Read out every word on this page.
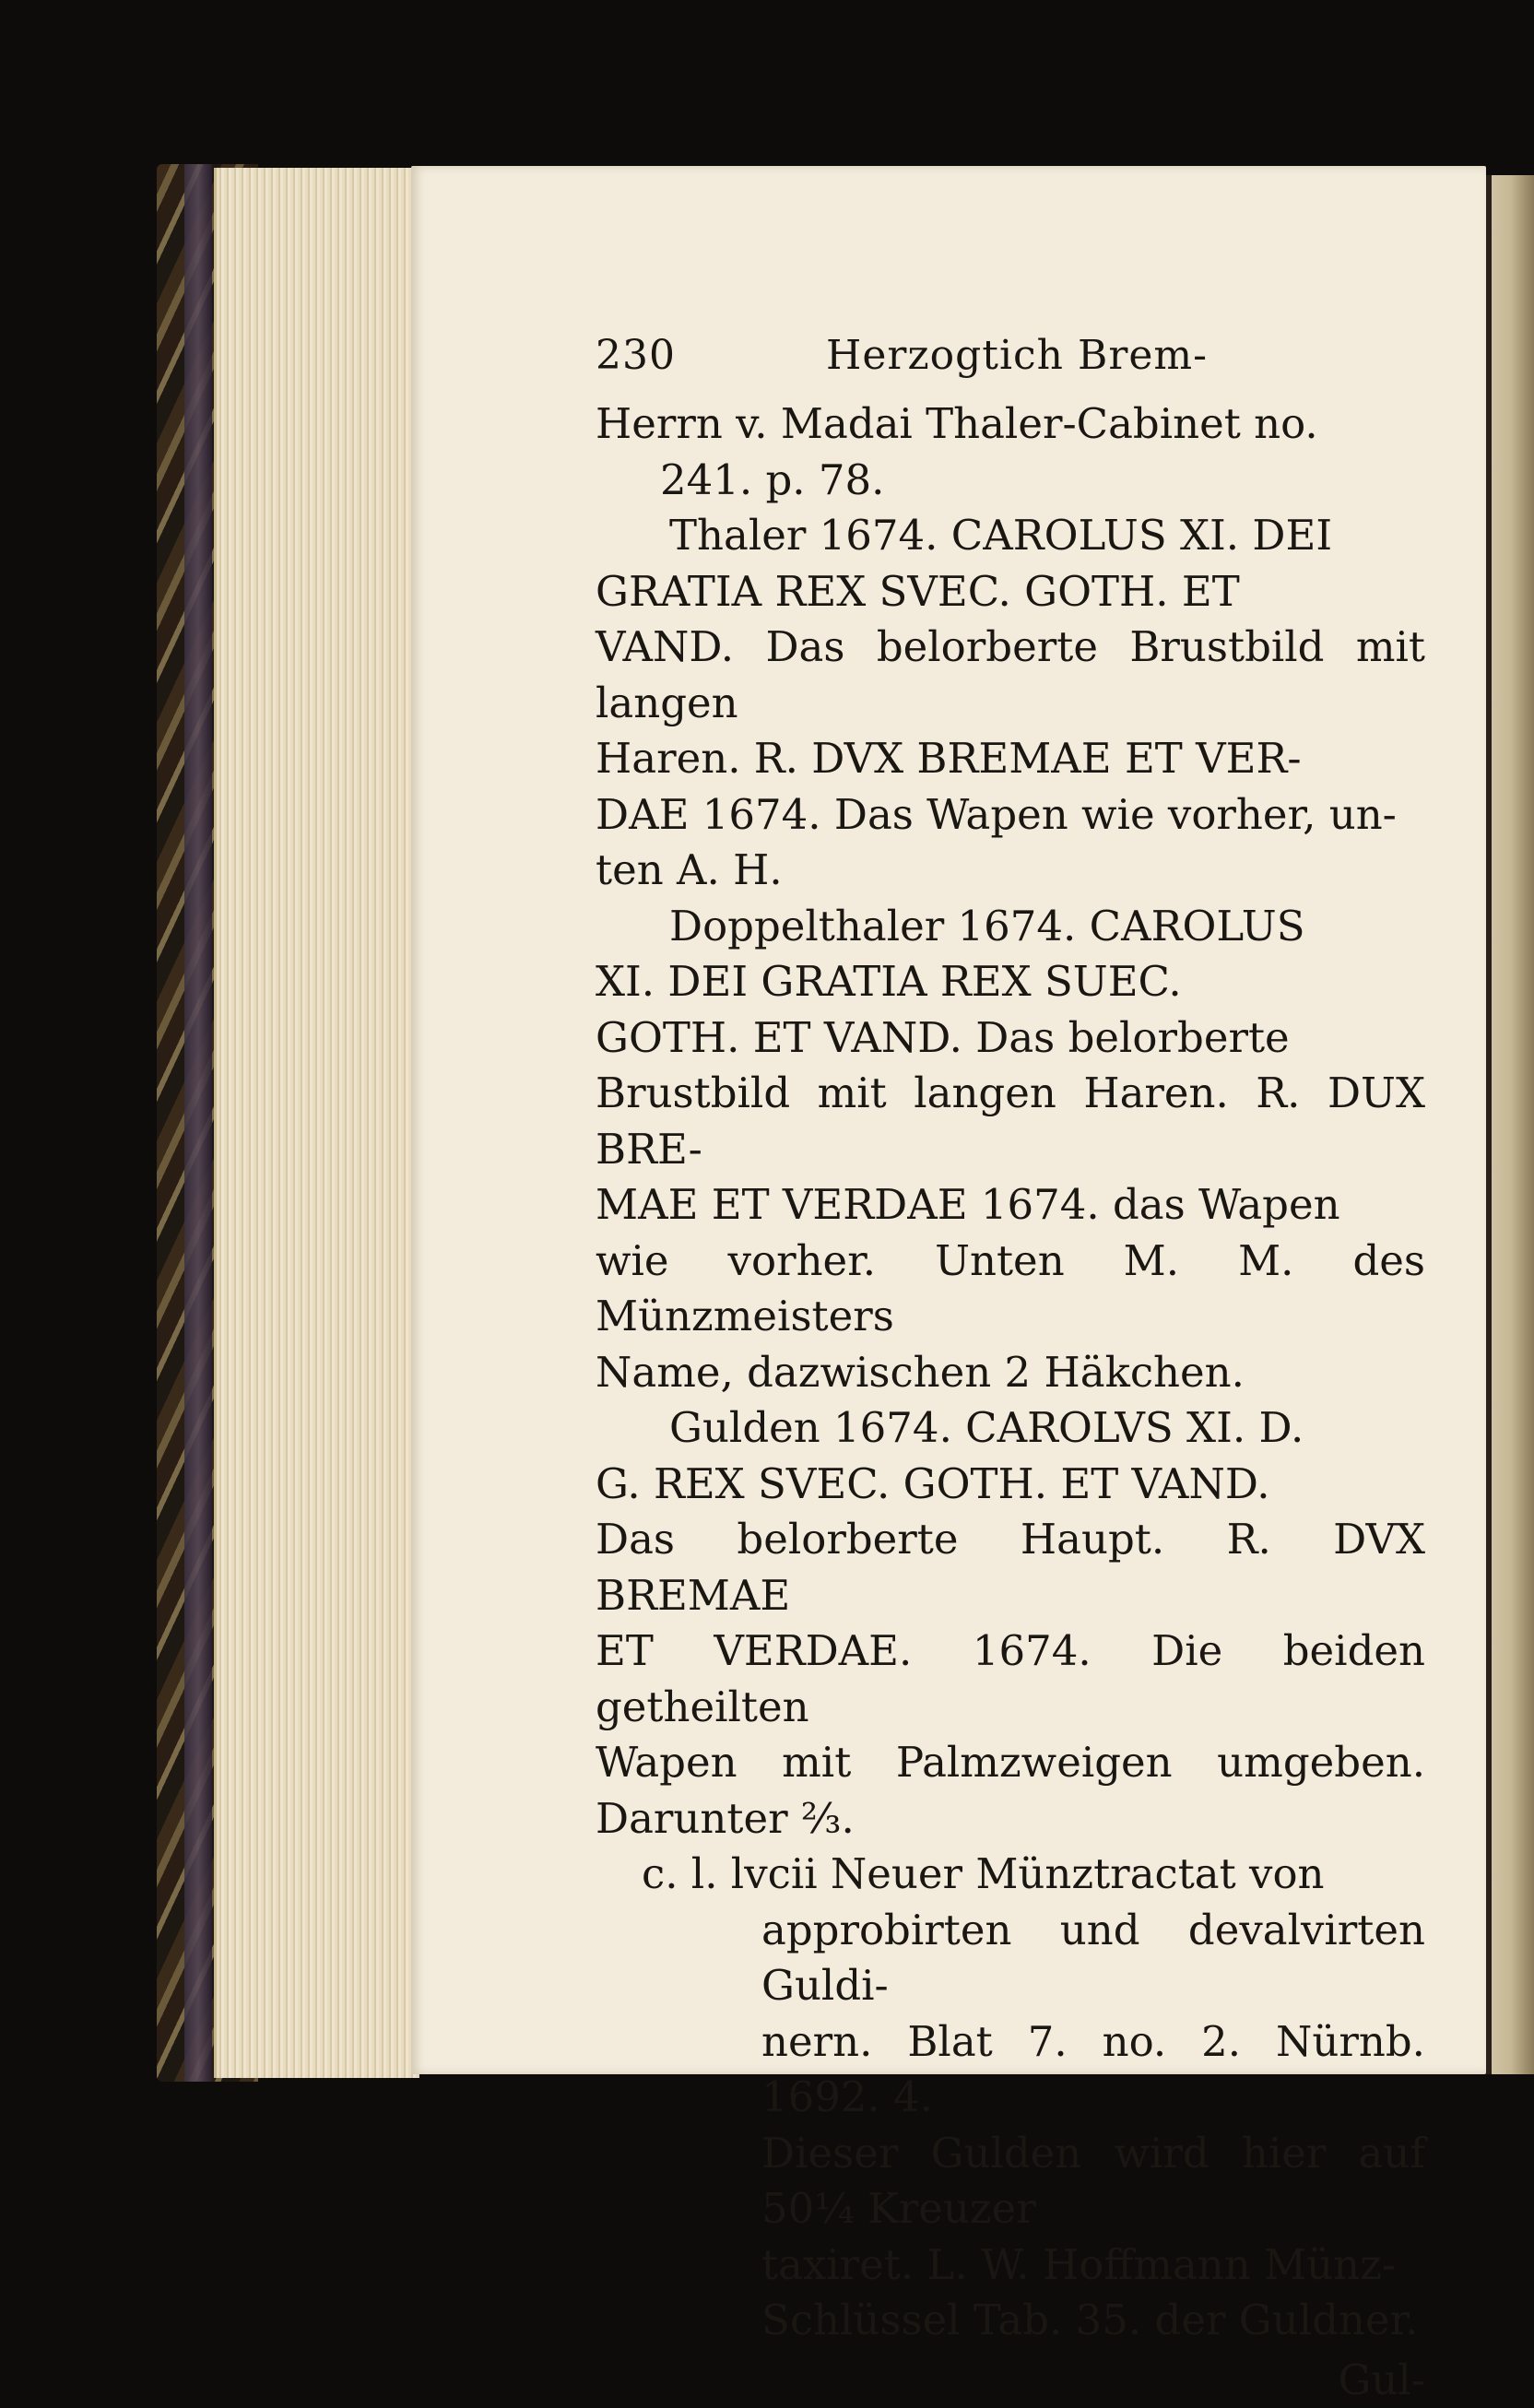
230	Herzogtich Brem-

Herrn v. Madai Thaler-Cabinet no.
241. p. 78.

Thaler 1674. CAROLUS XI. DEI
GRATIA REX SVEC. GOTH. ET
VAND. Das belorberte Brustbild mit langen
Haren. R. DVX BREMAE ET VER-
DAE 1674. Das Wapen wie vorher, un-
ten A. H.

Doppelthaler 1674. CAROLUS
XI. DEI GRATIA REX SUEC.
GOTH. ET VAND. Das belorberte
Brustbild mit langen Haren. R. DUX BRE-
MAE ET VERDAE 1674. das Wapen
wie vorher. Unten M. M. des Münzmeisters
Name, dazwischen 2 Häkchen.

Gulden 1674. CAROLVS XI. D.
G. REX SVEC. GOTH. ET VAND.
Das belorberte Haupt. R. DVX BREMAE
ET VERDAE. 1674. Die beiden getheilten
Wapen mit Palmzweigen umgeben. Darunter ⅔.

c. l. lvcii Neuer Münztractat von
approbirten und devalvirten Guldi-
nern. Blat 7. no. 2. Nürnb. 1692. 4.
Dieser Gulden wird hier auf 50¼ Kreuzer
taxiret. L. W. Hoffmann Münz-
Schlüssel Tab. 35. der Guldner.

Gul-
